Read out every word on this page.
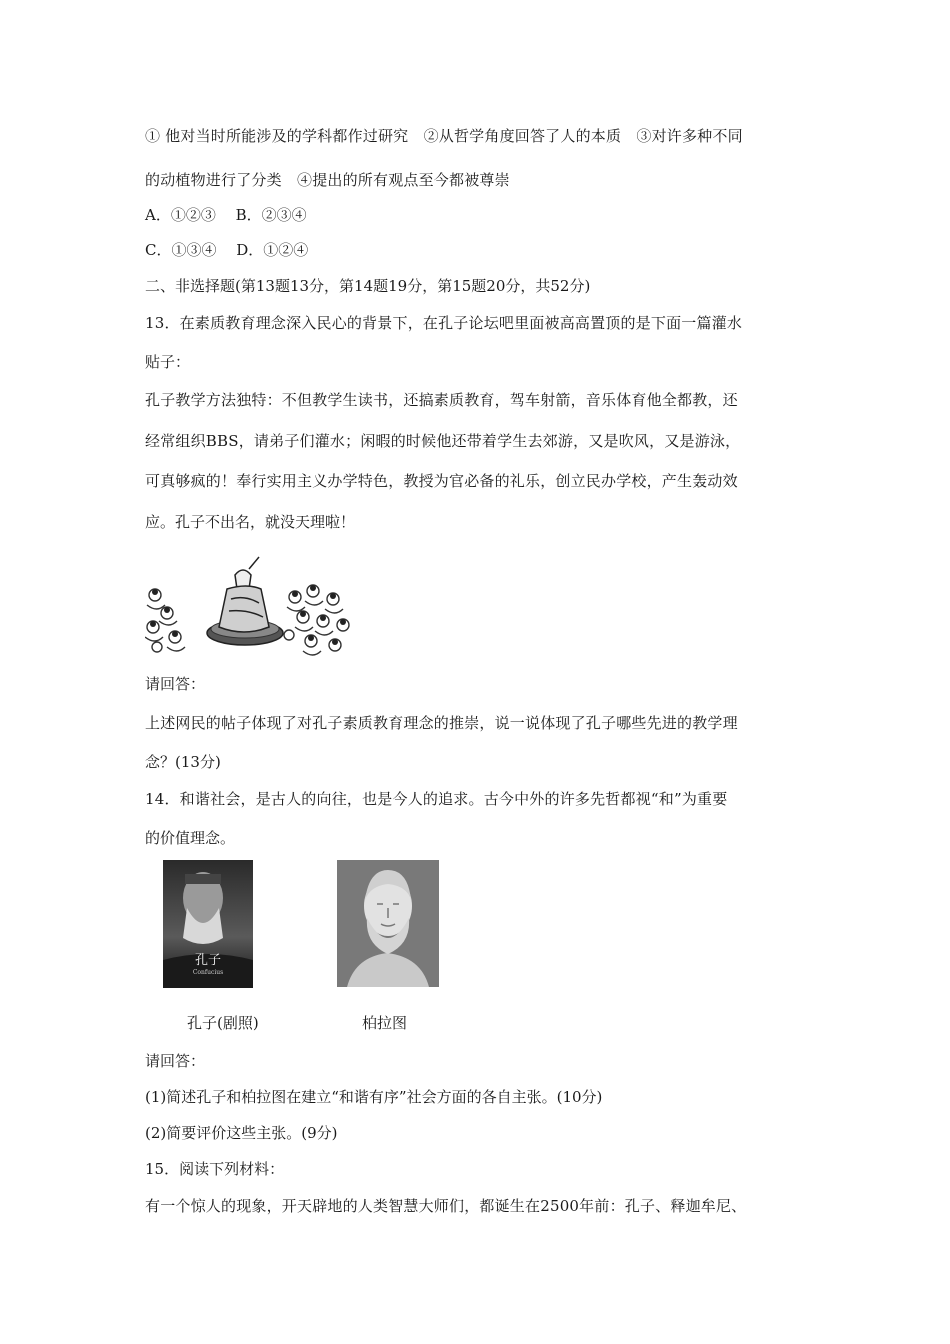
① 他对当时所能涉及的学科都作过研究　②从哲学角度回答了人的本质　③对许多种不同
的动植物进行了分类　④提出的所有观点至今都被尊崇
A．①②③　 B．②③④
C．①③④　 D．①②④
二、非选择题(第13题13分，第14题19分，第15题20分，共52分)
13．在素质教育理念深入民心的背景下，在孔子论坛吧里面被高高置顶的是下面一篇灌水
贴子：
孔子教学方法独特：不但教学生读书，还搞素质教育，驾车射箭，音乐体育他全都教，还
经常组织BBS，请弟子们灌水；闲暇的时候他还带着学生去郊游，又是吹风，又是游泳，
可真够疯的！奉行实用主义办学特色，教授为官必备的礼乐，创立民办学校，产生轰动效
应。孔子不出名，就没天理啦！
请回答：
上述网民的帖子体现了对孔子素质教育理念的推崇，说一说体现了孔子哪些先进的教学理
念？(13分)
14．和谐社会，是古人的向往，也是今人的追求。古今中外的许多先哲都视“和”为重要
的价值理念。
孔子
Confucius
孔子(剧照)	柏拉图
请回答：
(1)简述孔子和柏拉图在建立“和谐有序”社会方面的各自主张。(10分)
(2)简要评价这些主张。(9分)
15．阅读下列材料：
有一个惊人的现象，开天辟地的人类智慧大师们，都诞生在2500年前：孔子、释迦牟尼、
